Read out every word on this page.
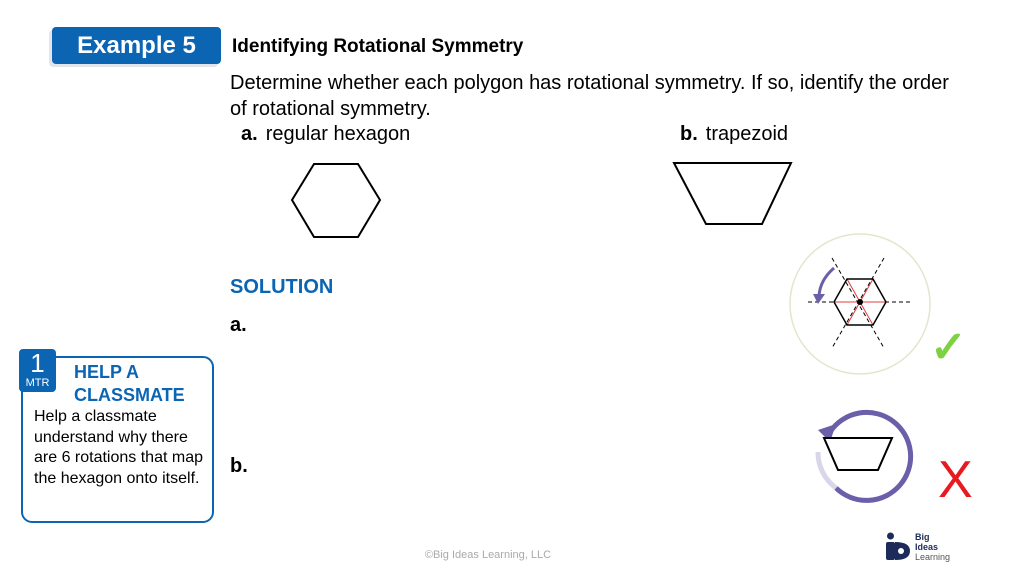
Example 5	Identifying Rotational Symmetry
Determine whether each polygon has rotational symmetry. If so, identify the order of rotational symmetry.
a. regular hexagon	b. trapezoid
SOLUTION
a.
b.
✓
X
1
MTR
HELP A CLASSMATE
Help a classmate understand why there are 6 rotations that map the hexagon onto itself.
©Big Ideas Learning, LLC
Big
Ideas
Learning
